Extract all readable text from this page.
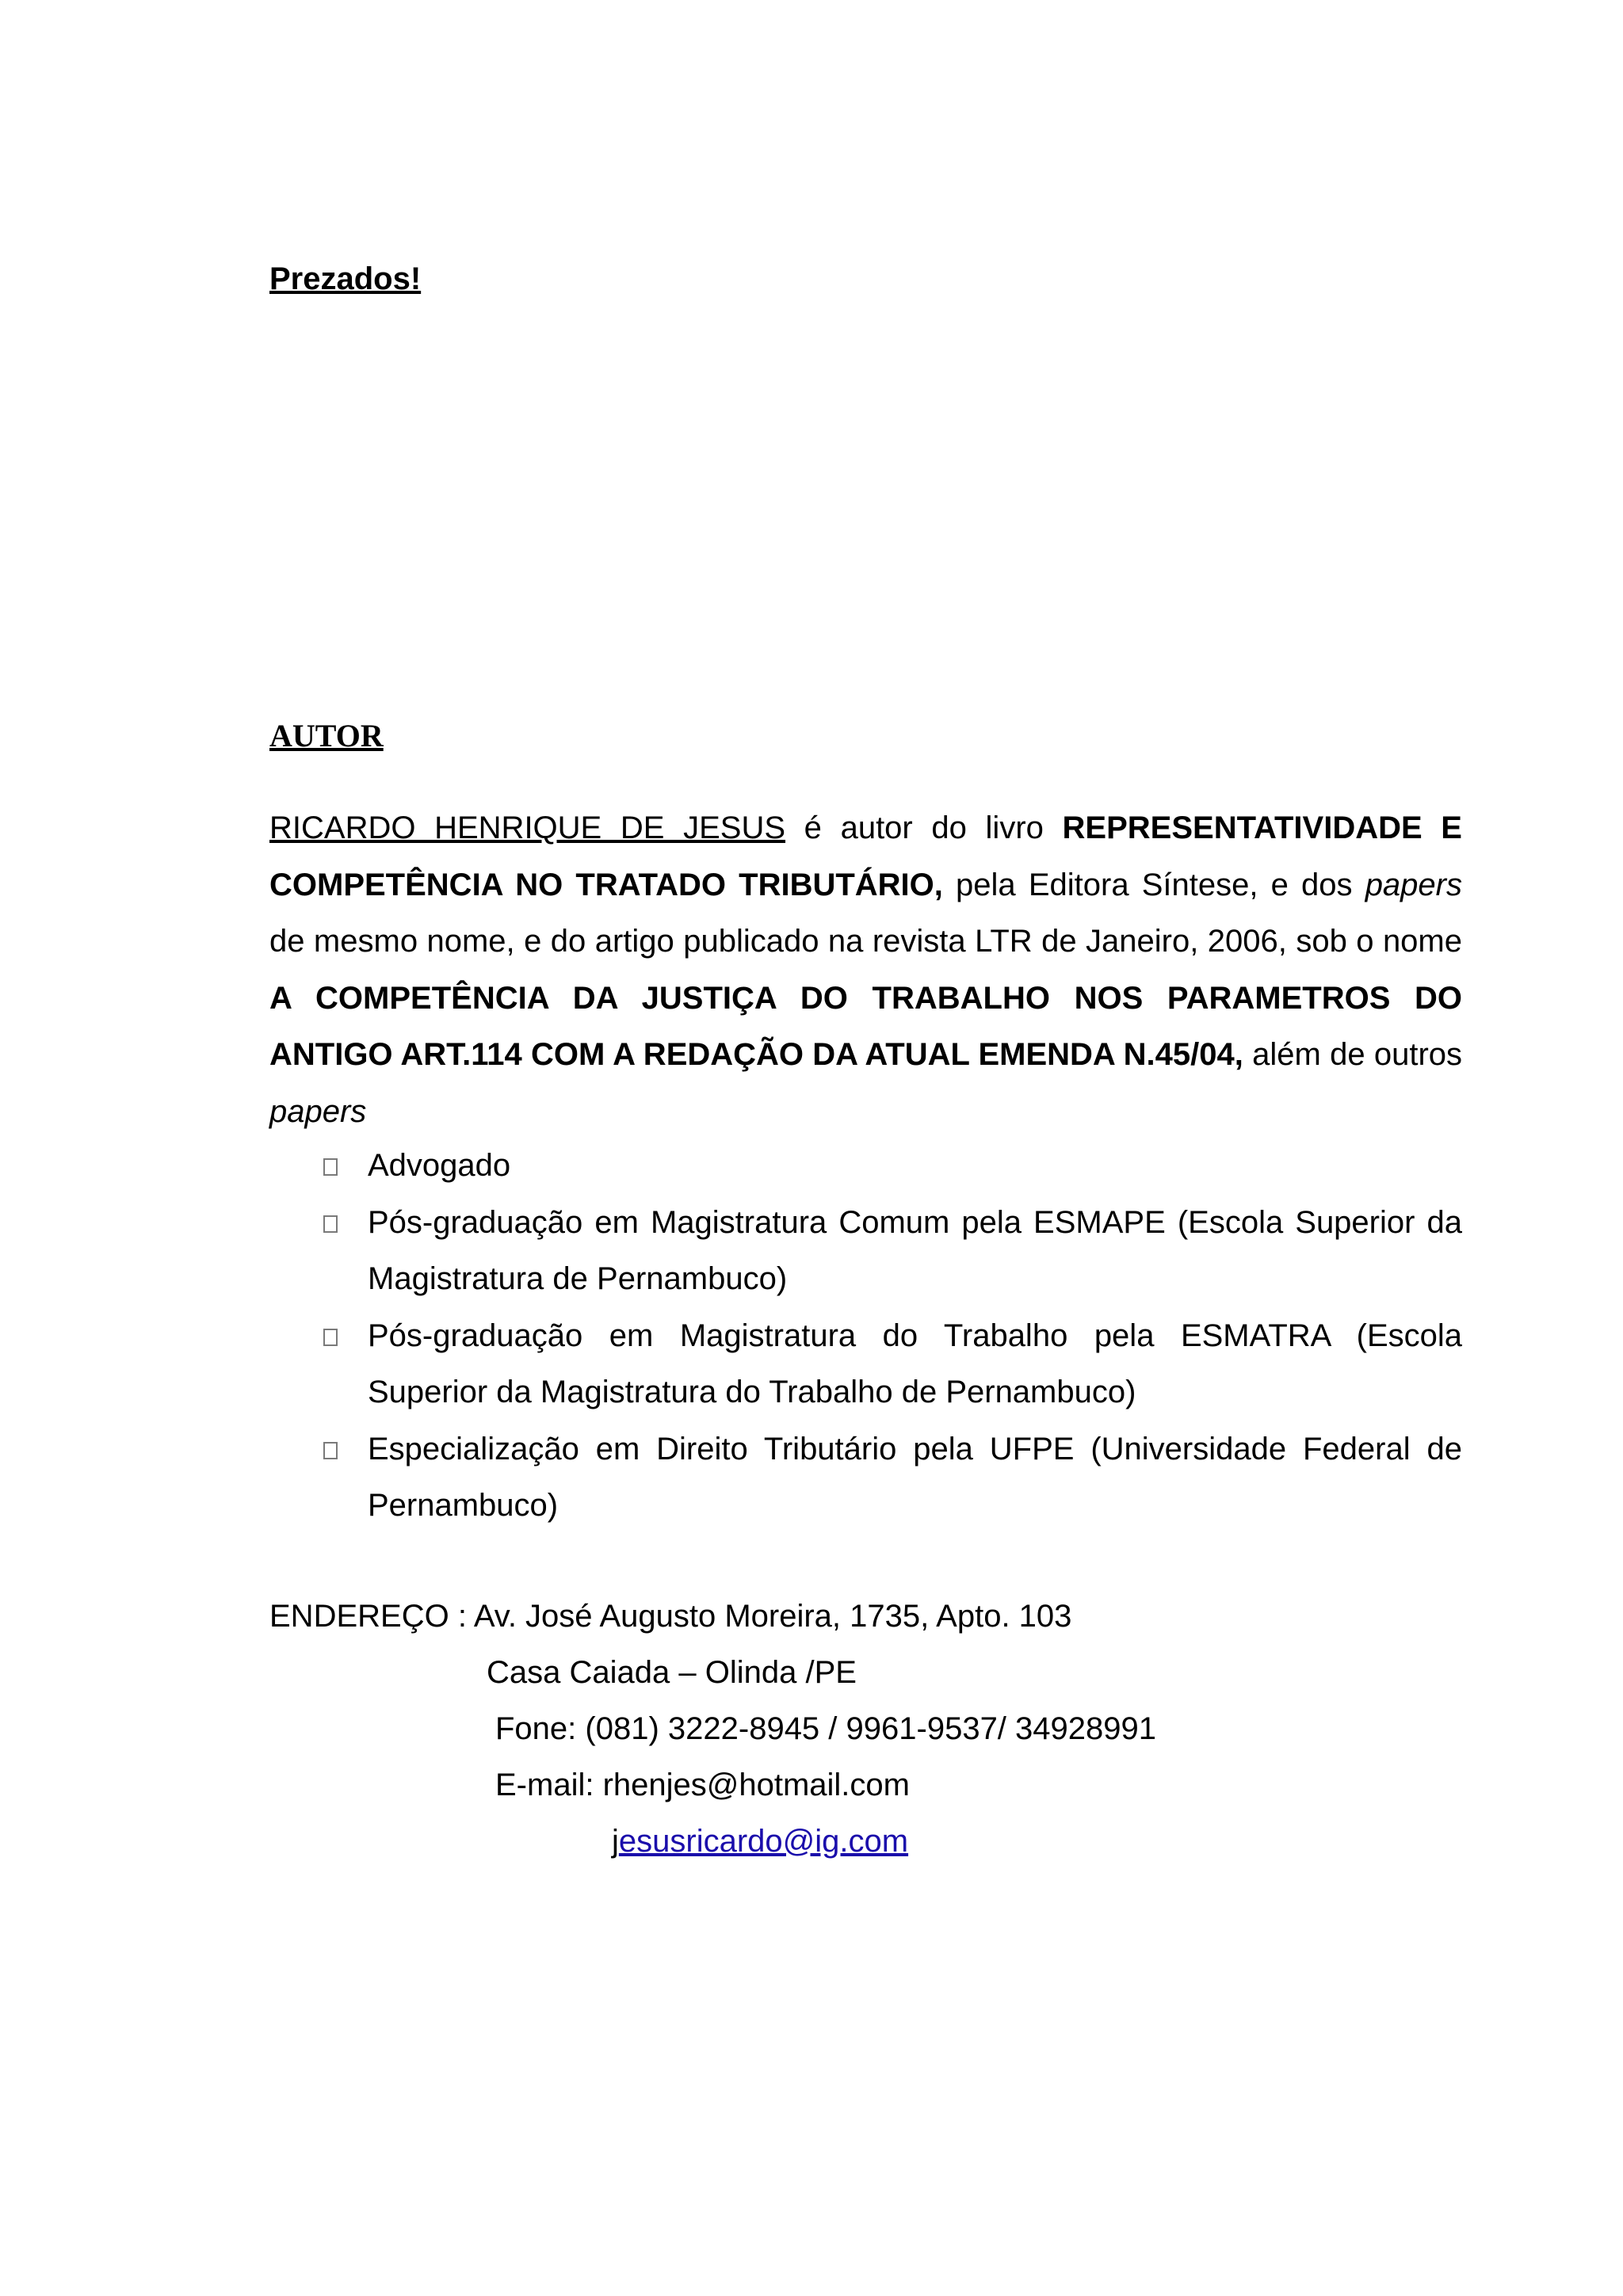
Prezados!

AUTOR

RICARDO HENRIQUE DE JESUS é autor do livro REPRESENTATIVIDADE E COMPETÊNCIA NO TRATADO TRIBUTÁRIO, pela Editora Síntese, e dos papers de mesmo nome, e do artigo publicado na revista LTR de Janeiro, 2006, sob o nome A COMPETÊNCIA DA JUSTIÇA DO TRABALHO NOS PARAMETROS DO ANTIGO ART.114 COM A REDAÇÃO DA ATUAL EMENDA N.45/04, além de outros papers

Advogado
Pós-graduação em Magistratura Comum pela ESMAPE (Escola Superior da Magistratura de Pernambuco)
Pós-graduação em Magistratura do Trabalho pela ESMATRA (Escola Superior da Magistratura do Trabalho de Pernambuco)
Especialização em Direito Tributário pela UFPE (Universidade Federal de Pernambuco)

ENDEREÇO : Av. José Augusto Moreira, 1735, Apto. 103

Casa Caiada – Olinda /PE

Fone: (081) 3222-8945 / 9961-9537/ 34928991

E-mail: rhenjes@hotmail.com

jesusricardo@ig.com
